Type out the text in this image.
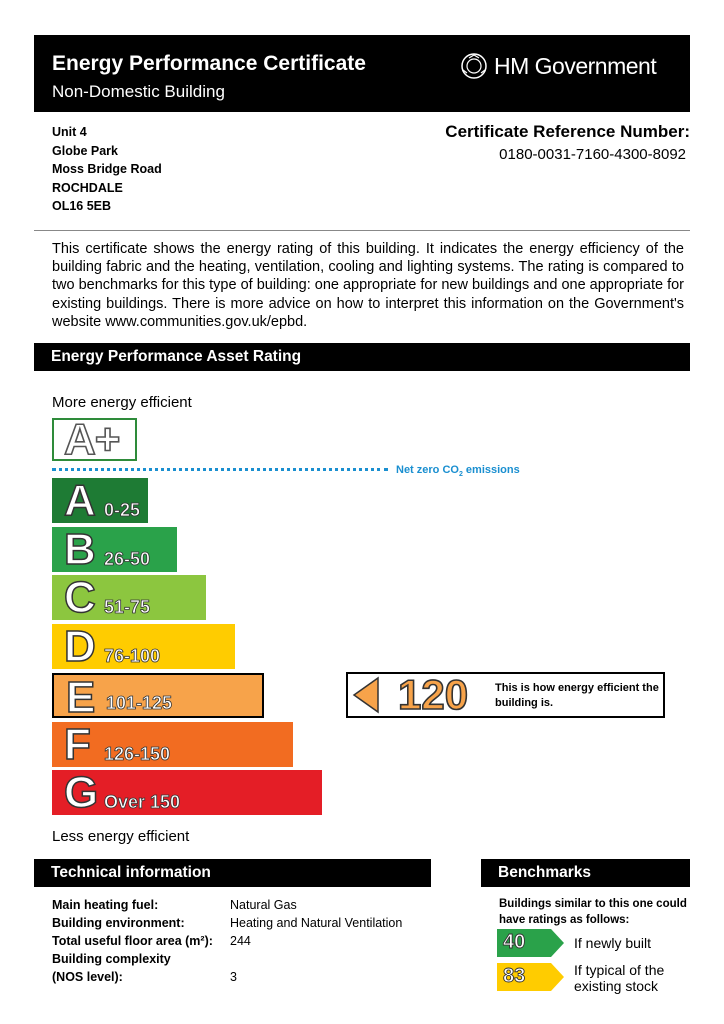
Energy Performance Certificate
Non-Domestic Building
HM Government
Unit 4
Globe Park
Moss Bridge Road
ROCHDALE
OL16 5EB
Certificate Reference Number:
0180-0031-7160-4300-8092
This certificate shows the energy rating of this building. It indicates the energy efficiency of the building fabric and the heating, ventilation, cooling and lighting systems. The rating is compared to two benchmarks for this type of building: one appropriate for new buildings and one appropriate for existing buildings. There is more advice on how to interpret this information on the Government's website www.communities.gov.uk/epbd.
Energy Performance Asset Rating
More energy efficient
A+
Net zero $CO_2$ emissions
A 0-25
B 26-50
C 51-75
D 76-100
E 101-125
F 126-150
G Over 150
120 This is how energy efficient the building is.
Less energy efficient
Technical information
Main heating fuel:	Natural Gas
Building environment:	Heating and Natural Ventilation
Total useful floor area (m²): 244
Building complexity
(NOS level):	3
Benchmarks
Buildings similar to this one could have ratings as follows:
40	If newly built
83	If typical of the existing stock
